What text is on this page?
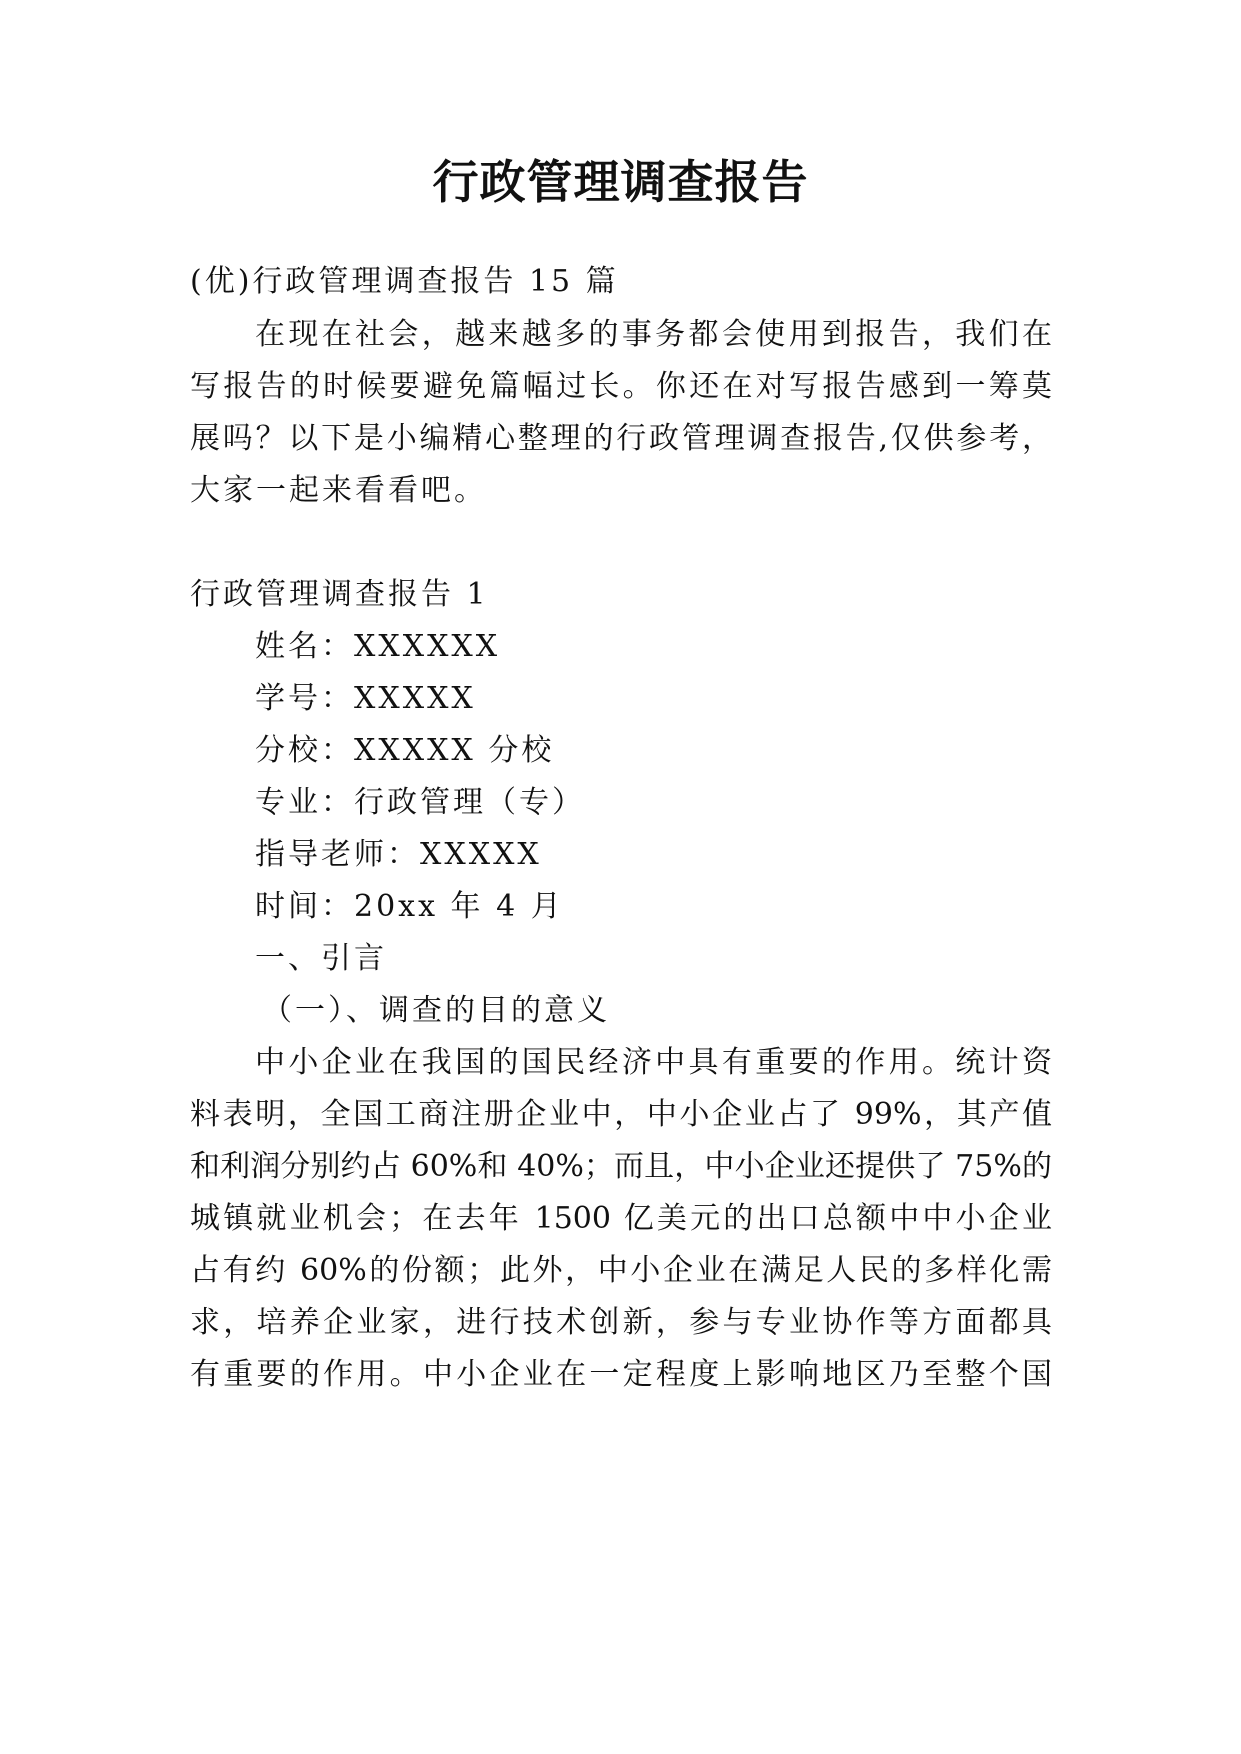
行政管理调查报告
(优)行政管理调查报告 15 篇
在现在社会，越来越多的事务都会使用到报告，我们在
写报告的时候要避免篇幅过长。你还在对写报告感到一筹莫
展吗？以下是小编精心整理的行政管理调查报告,仅供参考，
大家一起来看看吧。
行政管理调查报告 1
姓名：XXXXXX
学号：XXXXX
分校：XXXXX 分校
专业：行政管理（专）
指导老师：XXXXX
时间：20xx 年 4 月
一、引言
（一）、调查的目的意义
中小企业在我国的国民经济中具有重要的作用。统计资
料表明，全国工商注册企业中，中小企业占了 99%，其产值
和利润分别约占 60%和 40%；而且，中小企业还提供了 75%的
城镇就业机会；在去年 1500 亿美元的出口总额中中小企业
占有约 60%的份额；此外，中小企业在满足人民的多样化需
求，培养企业家，进行技术创新，参与专业协作等方面都具
有重要的作用。中小企业在一定程度上影响地区乃至整个国
